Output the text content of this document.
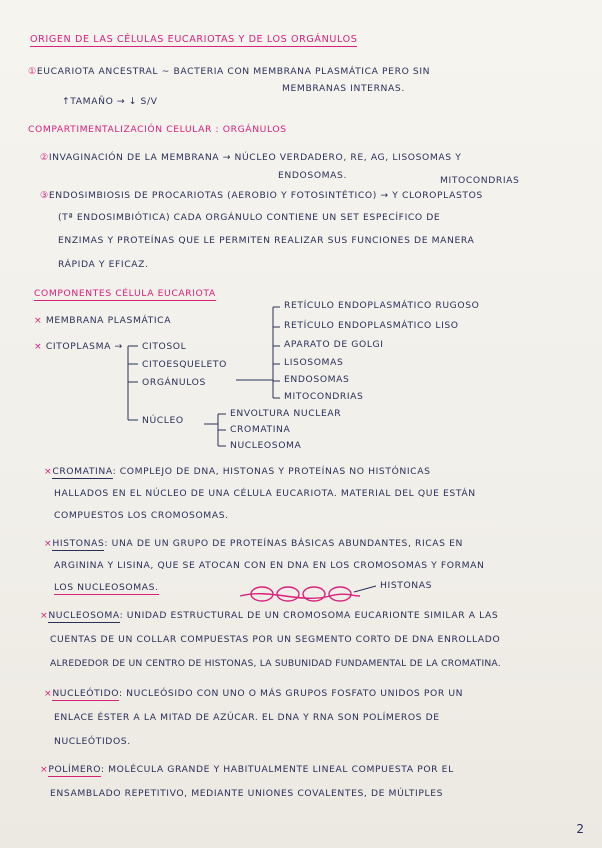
ORIGEN DE LAS CÉLULAS EUCARIOTAS Y DE LOS ORGÁNULOS
①EUCARIOTA ANCESTRAL ~ BACTERIA CON MEMBRANA PLASMÁTICA PERO SIN
MEMBRANAS INTERNAS.
↑TAMAÑO → ↓ S/V
COMPARTIMENTALIZACIÓN CELULAR : ORGÁNULOS
②INVAGINACIÓN DE LA MEMBRANA → NÚCLEO VERDADERO, RE, AG, LISOSOMAS Y
ENDOSOMAS.	MITOCONDRIAS
③ENDOSIMBIOSIS DE PROCARIOTAS (AEROBIO Y FOTOSINTÉTICO) → Y CLOROPLASTOS
(Tª ENDOSIMBIÓTICA) CADA ORGÁNULO CONTIENE UN SET ESPECÍFICO DE
ENZIMAS Y PROTEÍNAS QUE LE PERMITEN REALIZAR SUS FUNCIONES DE MANERA
RÁPIDA Y EFICAZ.
COMPONENTES CÉLULA EUCARIOTA
× MEMBRANA PLASMÁTICA
× CITOPLASMA → CITOSOL
CITOESQUELETO
ORGÁNULOS
NÚCLEO
RETÍCULO ENDOPLASMÁTICO RUGOSO
RETÍCULO ENDOPLASMÁTICO LISO
APARATO DE GOLGI
LISOSOMAS
ENDOSOMAS
MITOCONDRIAS
ENVOLTURA NUCLEAR
CROMATINA
NUCLEOSOMA
×CROMATINA: COMPLEJO DE DNA, HISTONAS Y PROTEÍNAS NO HISTÓNICAS
HALLADOS EN EL NÚCLEO DE UNA CÉLULA EUCARIOTA. MATERIAL DEL QUE ESTÁN
COMPUESTOS LOS CROMOSOMAS.
×HISTONAS: UNA DE UN GRUPO DE PROTEÍNAS BÁSICAS ABUNDANTES, RICAS EN
ARGININA Y LISINA, QUE SE ATOCAN CON EN DNA EN LOS CROMOSOMAS Y FORMAN
LOS NUCLEOSOMAS.	HISTONAS
×NUCLEOSOMA: UNIDAD ESTRUCTURAL DE UN CROMOSOMA EUCARIONTE SIMILAR A LAS
CUENTAS DE UN COLLAR COMPUESTAS POR UN SEGMENTO CORTO DE DNA ENROLLADO
ALREDEDOR DE UN CENTRO DE HISTONAS, LA SUBUNIDAD FUNDAMENTAL DE LA CROMATINA.
×NUCLEÓTIDO: NUCLEÓSIDO CON UNO O MÁS GRUPOS FOSFATO UNIDOS POR UN
ENLACE ÉSTER A LA MITAD DE AZÚCAR. EL DNA Y RNA SON POLÍMEROS DE
NUCLEÓTIDOS.
×POLÍMERO: MOLÉCULA GRANDE Y HABITUALMENTE LINEAL COMPUESTA POR EL
ENSAMBLADO REPETITIVO, MEDIANTE UNIONES COVALENTES, DE MÚLTIPLES
2
